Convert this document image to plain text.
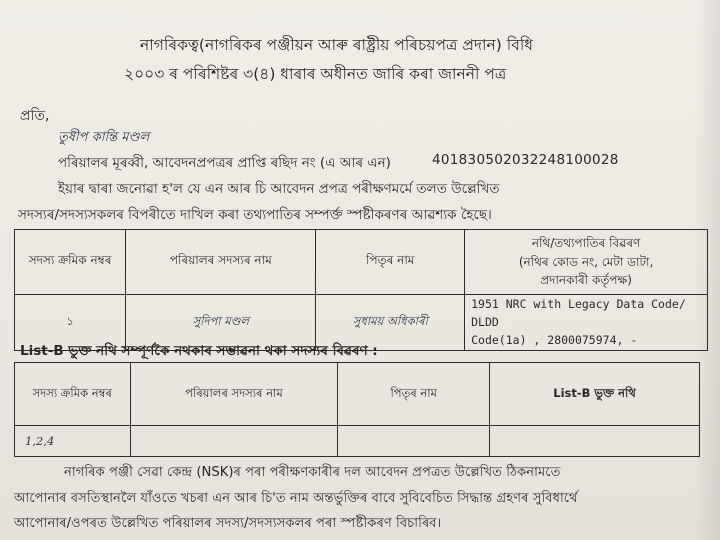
নাগৰিকত্ব(নাগৰিকৰ পঞ্জীয়ন আৰু ৰাষ্ট্ৰীয় পৰিচয়পত্ৰ প্ৰদান) বিধি
২০০৩ ৰ পৰিশিষ্টৰ ৩(৪) ধাৰাৰ অধীনত জাৰি কৰা জাননী পত্ৰ
প্ৰতি,
তুষীপ কান্তি মণ্ডল
পৰিয়ালৰ মূৰব্বী, আবেদনপ্ৰপত্ৰৰ প্ৰাপ্তি ৰছিদ নং (এ আৰ এন)	401830502032248100028
ইয়াৰ দ্বাৰা জনোৱা হ'ল যে এন আৰ চি আবেদন প্ৰপত্ৰ পৰীক্ষণমৰ্মে তলত উল্লেখিত
সদস্যৰ/সদস্যসকলৰ বিপৰীতে দাখিল কৰা তথ্যপাতিৰ সম্পৰ্ক্ত স্পষ্টীকৰণৰ আৱশ্যক হৈছে।
সদস্য ক্ৰমিক নম্বৰ	পৰিয়ালৰ সদস্যৰ নাম	পিতৃৰ নাম	নথি/তথ্যপাতিৰ বিৱৰণ
(নথিৰ কোড নং, মেটা ডাটা,
প্ৰদানকাৰী কৰ্তৃপক্ষ)

১	সুদিপা মণ্ডল	সুধাময় অধিকাৰী	1951 NRC with Legacy Data Code/ DLDD
Code(1a) , 2800075974, -
List-B ভুক্ত নথি সম্পূৰ্ণকৈ নথকাৰ সম্ভাৱনা থকা সদস্যৰ বিৱৰণ :
সদস্য ক্ৰমিক নম্বৰ	পৰিয়ালৰ সদস্যৰ নাম	পিতৃৰ নাম	List-B ভুক্ত নথি
1,2,4			
নাগৰিক পঞ্জী সেৱা কেন্দ্ৰ (NSK)ৰ পৰা পৰীক্ষণকাৰীৰ দল আবেদন প্ৰপত্ৰত উল্লেখিত ঠিকনামতে
আপোনাৰ বসতিস্থানলৈ যাঁওতে খচৰা এন আৰ চি'ত নাম অন্তৰ্ভুক্তিৰ বাবে সুবিবেচিত সিদ্ধান্ত গ্ৰহণৰ সুবিধাৰ্থে
আপোনাৰ/ওপৰত উল্লেখিত পৰিয়ালৰ সদস্য/সদস্যসকলৰ পৰা স্পষ্টীকৰণ বিচাৰিব।
